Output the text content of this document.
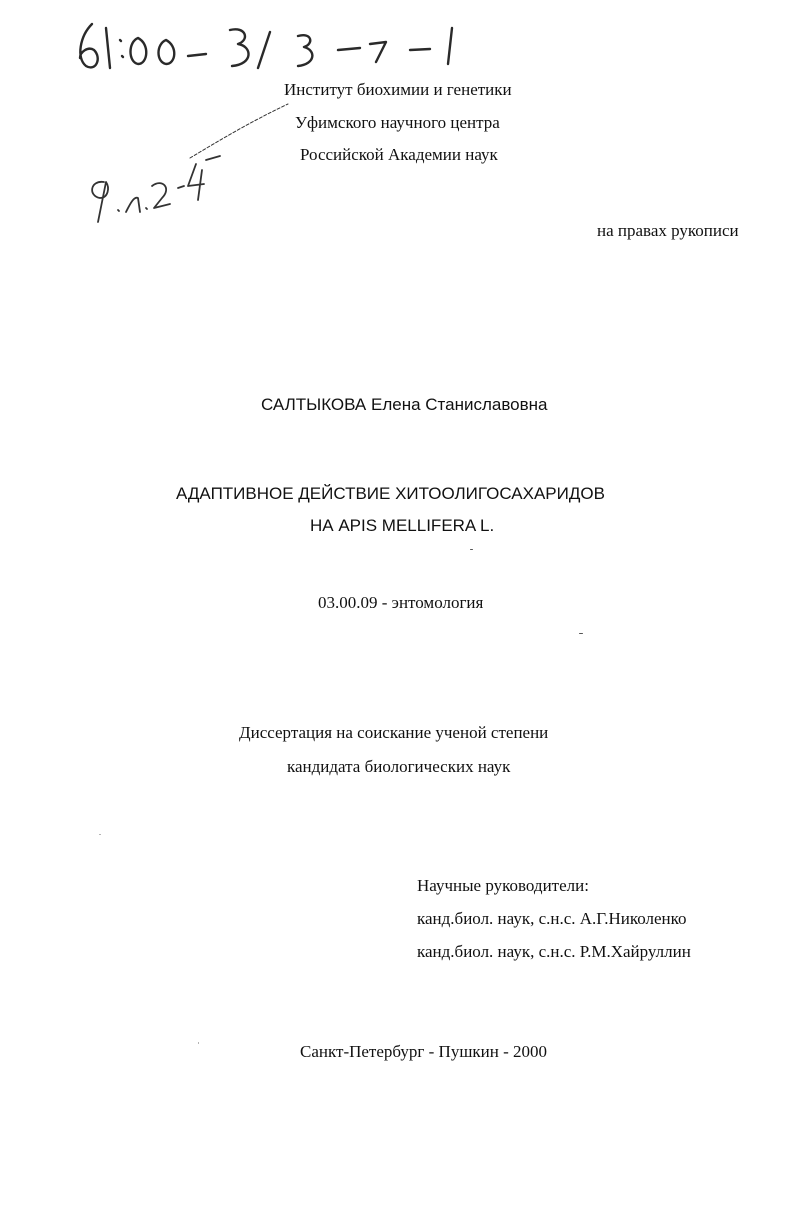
Институт биохимии и генетики
Уфимского научного центра
Российской Академии наук
на правах рукописи
САЛТЫКОВА Елена Станиславовна
АДАПТИВНОЕ ДЕЙСТВИЕ ХИТООЛИГОСАХАРИДОВ
НА APIS MELLIFERA L.
03.00.09 - энтомология
Диссертация на соискание ученой степени
кандидата биологических наук
Научные руководители:
канд.биол. наук, с.н.с. А.Г.Николенко
канд.биол. наук, с.н.с. Р.М.Хайруллин
Санкт-Петербург - Пушкин - 2000
